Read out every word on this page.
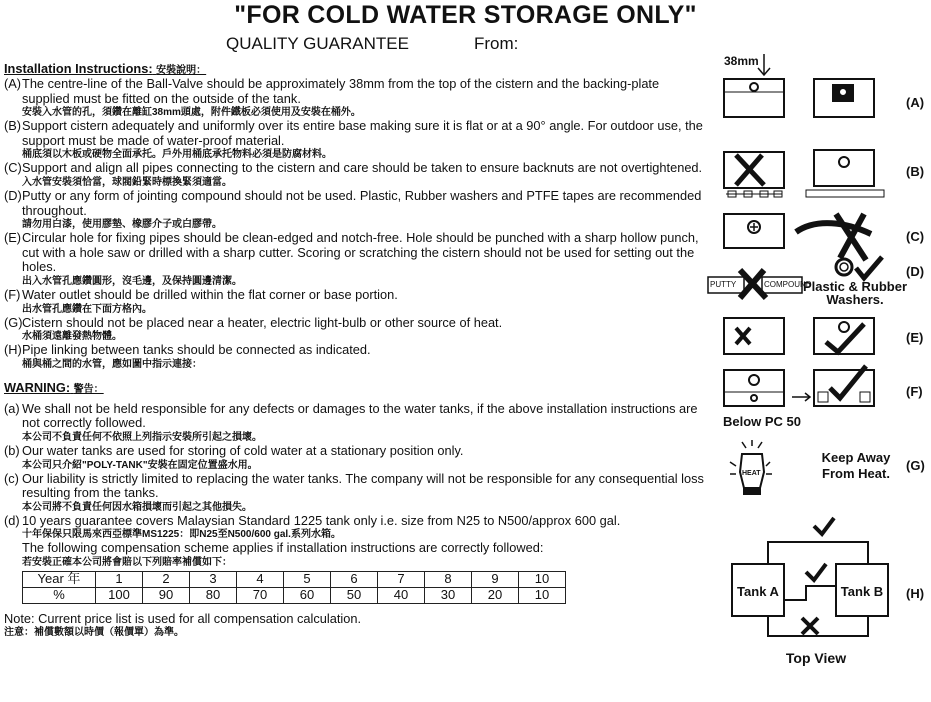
"FOR COLD WATER STORAGE ONLY"
QUALITY GUARANTEE	From:
Installation Instructions: 安裝說明：
(A) The centre-line of the Ball-Valve should be approximately 38mm from the top of the cistern and the backing-plate supplied must be fitted on the outside of the tank.
安裝入水管的孔，須鑽在離缸38mm頭處，附件鐵板必須使用及安裝在桶外。
(B) Support cistern adequately and uniformly over its entire base making sure it is flat or at a 90° angle. For outdoor use, the support must be made of water-proof material.
桶底須以木板或硬物全面承托。戶外用桶底承托物料必須是防腐材料。
(C) Support and align all pipes connecting to the cistern and care should be taken to ensure backnuts are not overtightened.
入水管安裝須恰當，球閥鉛緊時標換緊須適當。
(D) Putty or any form of jointing compound should not be used. Plastic, Rubber washers and PTFE tapes are recommended throughout.
請勿用白漆，使用膠墊、橡膠介子或白膠帶。
(E) Circular hole for fixing pipes should be clean-edged and notch-free. Hole should be punched with a sharp hollow punch, cut with a hole saw or drilled with a sharp cutter. Scoring or scratching the cistern should not be used for setting out the holes.
出入水管孔應鑽圓形，沒毛邊，及保持圓邊清潔。
(F) Water outlet should be drilled within the flat corner or base portion.
出水管孔應鑽在下面方格內。
(G) Cistern should not be placed near a heater, electric light-bulb or other source of heat.
水桶須遠離發熱物體。
(H) Pipe linking between tanks should be connected as indicated.
桶與桶之間的水管，應如圖中指示連接：
WARNING: 警告：
(a) We shall not be held responsible for any defects or damages to the water tanks, if the above installation instructions are not correctly followed.
本公司不負責任何不依照上列指示安裝所引起之損壞。
(b) Our water tanks are used for storing of cold water at a stationary position only.
本公司只介紹"POLY-TANK"安裝在固定位置盛水用。
(c) Our liability is strictly limited to replacing the water tanks. The company will not be responsible for any consequential loss resulting from the tanks.
本公司將不負責任何因水箱損壞而引起之其他損失。
(d) 10 years guarantee covers Malaysian Standard 1225 tank only i.e. size from N25 to N500/approx 600 gal.
十年保保只限馬來西亞標準MS1225：即N25至N500/600 gal.系列水箱。
The following compensation scheme applies if installation instructions are correctly followed:
若安裝正確本公司將會賠以下列賠率補償如下：
Year 年	1	2	3	4	5	6	7	8	9	10
%	100	90	80	70	60	50	40	30	20	10
Note: Current price list is used for all compensation calculation.
注意：補償數額以時價（報價單）為準。
38mm
(A)
(B)
(C)
(D)
(E)
(F)
(G)
(H)
PUTTY	COMPOUND
Plastic & Rubber Washers.
Below PC 50
HEAT
Keep Away From Heat.
Tank A	Tank B
Top View
